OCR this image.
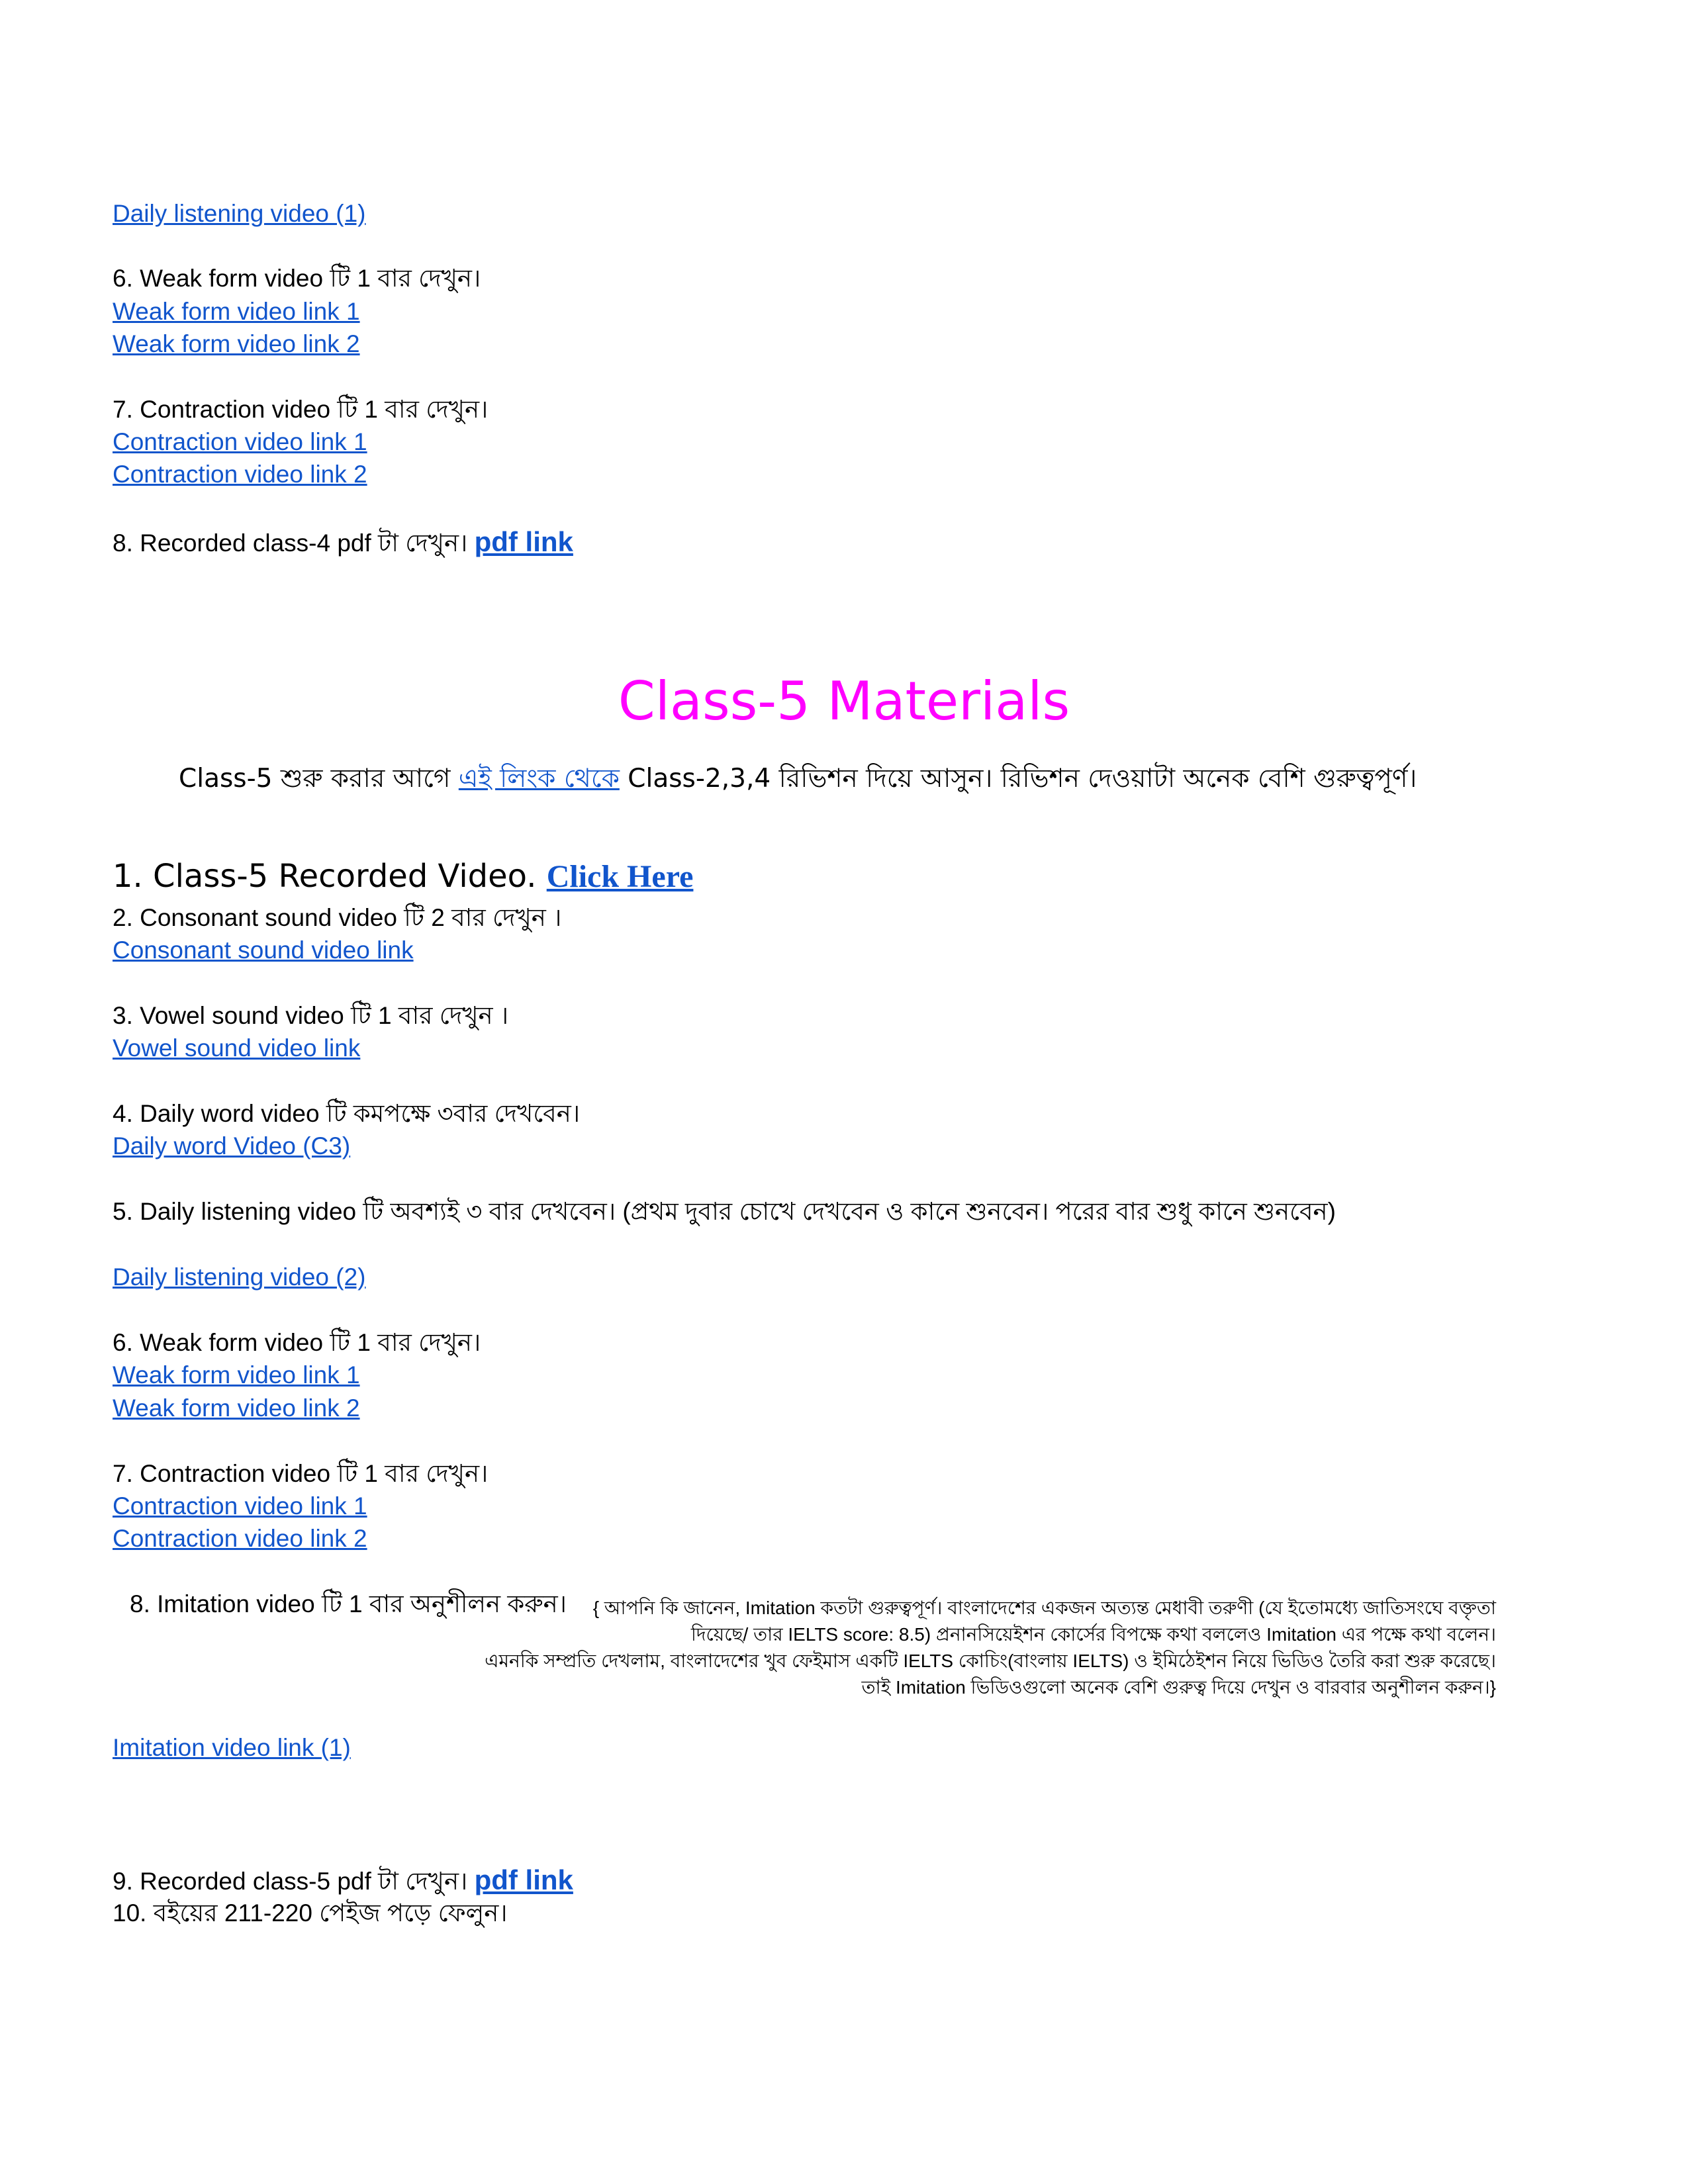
Daily listening video (1)
6. Weak form video টি 1 বার দেখুন।
Weak form video link 1
Weak form video link 2
7. Contraction video টি 1 বার দেখুন।
Contraction video link 1
Contraction video link 2
8. Recorded class-4 pdf টা দেখুন। pdf link
Class-5 Materials
Class-5 শুরু করার আগে এই লিংক থেকে Class-2,3,4 রিভিশন দিয়ে আসুন। রিভিশন দেওয়াটা অনেক বেশি গুরুত্বপূর্ণ।
1. Class-5 Recorded Video. Click Here
2. Consonant sound video টি 2 বার দেখুন ।
Consonant sound video link
3. Vowel sound video টি 1 বার দেখুন ।
Vowel sound video link
4. Daily word video টি কমপক্ষে ৩বার দেখবেন।
Daily word Video (C3)
5. Daily listening video টি অবশ্যই ৩ বার দেখবেন। (প্রথম দুবার চোখে দেখবেন ও কানে শুনবেন। পরের বার শুধু কানে শুনবেন)
Daily listening video (2)
6. Weak form video টি 1 বার দেখুন।
Weak form video link 1
Weak form video link 2
7. Contraction video টি 1 বার দেখুন।
Contraction video link 1
Contraction video link 2
8. Imitation video টি 1 বার অনুশীলন করুন। { আপনি কি জানেন, Imitation কতটা গুরুত্বপূর্ণ। বাংলাদেশের একজন অত্যন্ত মেধাবী তরুণী (যে ইতোমধ্যে জাতিসংঘে বক্তৃতা
দিয়েছে/ তার IELTS score: 8.5) প্রনানসিয়েইশন কোর্সের বিপক্ষে কথা বললেও Imitation এর পক্ষে কথা বলেন।
এমনকি সম্প্রতি দেখলাম, বাংলাদেশের খুব ফেইমাস একটি IELTS কোচিং(বাংলায় IELTS) ও ইমিঠেইশন নিয়ে ভিডিও তৈরি করা শুরু করেছে।
তাই Imitation ভিডিওগুলো অনেক বেশি গুরুত্ব দিয়ে দেখুন ও বারবার অনুশীলন করুন।}
Imitation video link (1)
9. Recorded class-5 pdf টা দেখুন। pdf link
10. বইয়ের 211-220 পেইজ পড়ে ফেলুন।
